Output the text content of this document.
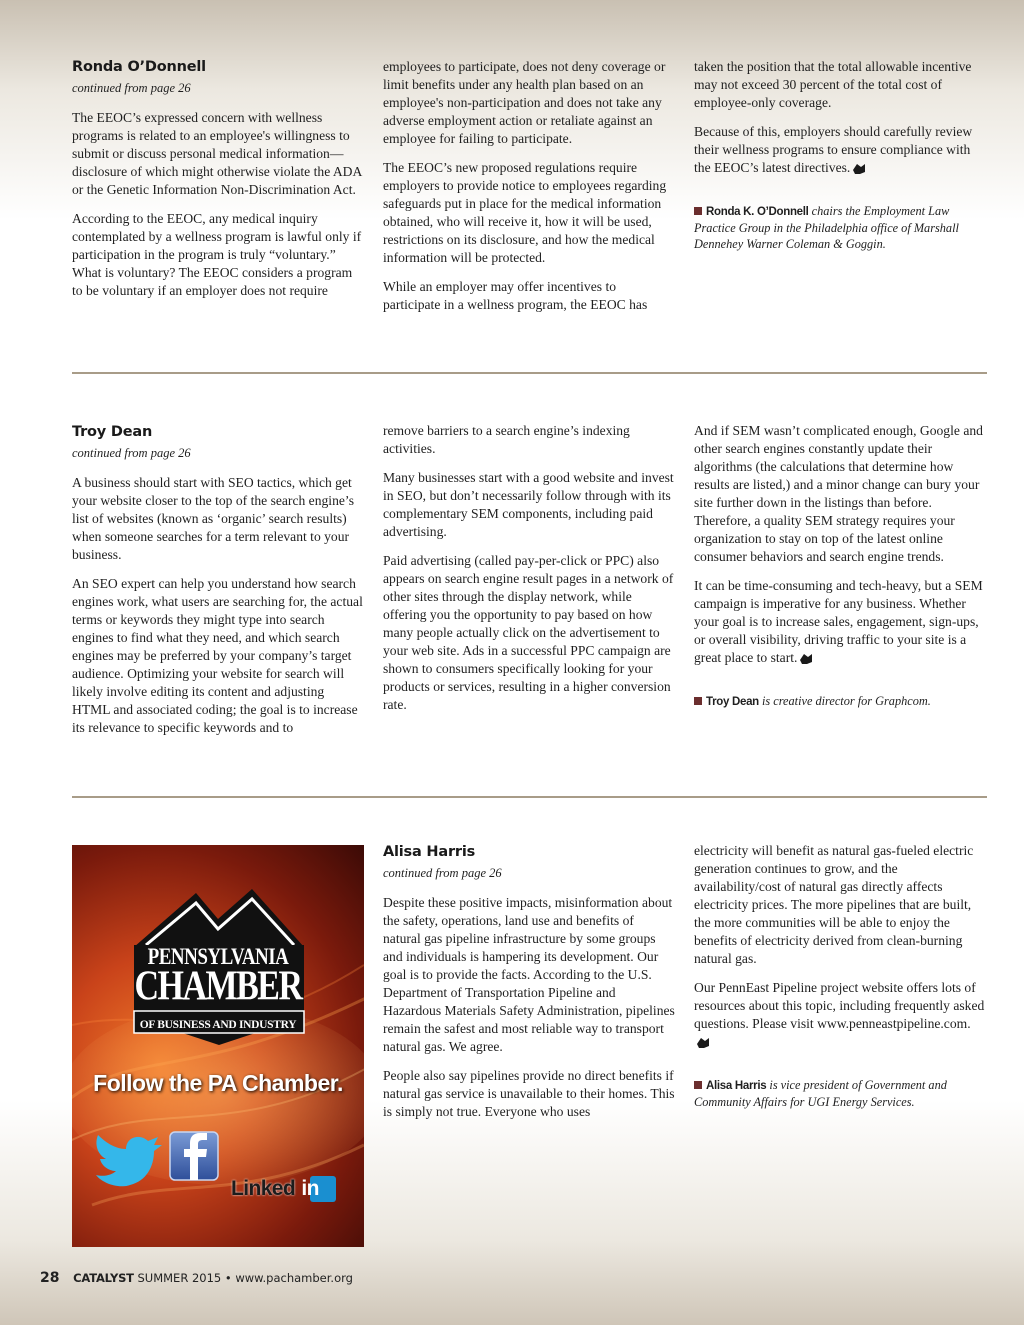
Ronda O’Donnell
continued from page 26

The EEOC’s expressed concern with wellness programs is related to an employee's willingness to submit or discuss personal medical information—disclosure of which might otherwise violate the ADA or the Genetic Information Non-Discrimination Act.

According to the EEOC, any medical inquiry contemplated by a wellness program is lawful only if participation in the program is truly “voluntary.” What is voluntary? The EEOC considers a program to be voluntary if an employer does not require

employees to participate, does not deny coverage or limit benefits under any health plan based on an employee's non-participation and does not take any adverse employment action or retaliate against an employee for failing to participate.

The EEOC’s new proposed regulations require employers to provide notice to employees regarding safeguards put in place for the medical information obtained, who will receive it, how it will be used, restrictions on its disclosure, and how the medical information will be protected.

While an employer may offer incentives to participate in a wellness program, the EEOC has

taken the position that the total allowable incentive may not exceed 30 percent of the total cost of employee-only coverage.

Because of this, employers should carefully review their wellness programs to ensure compliance with the EEOC’s latest directives.

Ronda K. O’Donnell chairs the Employment Law Practice Group in the Philadelphia office of Marshall Dennehey Warner Coleman & Goggin.
Troy Dean
continued from page 26

A business should start with SEO tactics, which get your website closer to the top of the search engine’s list of websites (known as ‘organic’ search results) when someone searches for a term relevant to your business.

An SEO expert can help you understand how search engines work, what users are searching for, the actual terms or keywords they might type into search engines to find what they need, and which search engines may be preferred by your company’s target audience. Optimizing your website for search will likely involve editing its content and adjusting HTML and associated coding; the goal is to increase its relevance to specific keywords and to

remove barriers to a search engine’s indexing activities.

Many businesses start with a good website and invest in SEO, but don’t necessarily follow through with its complementary SEM components, including paid advertising.

Paid advertising (called pay-per-click or PPC) also appears on search engine result pages in a network of other sites through the display network, while offering you the opportunity to pay based on how many people actually click on the advertisement to your web site. Ads in a successful PPC campaign are shown to consumers specifically looking for your products or services, resulting in a higher conversion rate.

And if SEM wasn’t complicated enough, Google and other search engines constantly update their algorithms (the calculations that determine how results are listed,) and a minor change can bury your site further down in the listings than before. Therefore, a quality SEM strategy requires your organization to stay on top of the latest online consumer behaviors and search engine trends.

It can be time-consuming and tech-heavy, but a SEM campaign is imperative for any business. Whether your goal is to increase sales, engagement, sign-ups, or overall visibility, driving traffic to your site is a great place to start.

Troy Dean is creative director for Graphcom.
PENNSYLVANIA
CHAMBER
OF BUSINESS AND INDUSTRY
Follow the PA Chamber.
Linked in
Alisa Harris
continued from page 26

Despite these positive impacts, misinformation about the safety, operations, land use and benefits of natural gas pipeline infrastructure by some groups and individuals is hampering its development. Our goal is to provide the facts. According to the U.S. Department of Transportation Pipeline and Hazardous Materials Safety Administration, pipelines remain the safest and most reliable way to transport natural gas. We agree.

People also say pipelines provide no direct benefits if natural gas service is unavailable to their homes. This is simply not true. Everyone who uses

electricity will benefit as natural gas-fueled electric generation continues to grow, and the availability/cost of natural gas directly affects electricity prices. The more pipelines that are built, the more communities will be able to enjoy the benefits of electricity derived from clean-burning natural gas.

Our PennEast Pipeline project website offers lots of resources about this topic, including frequently asked questions. Please visit www.penneastpipeline.com.

Alisa Harris is vice president of Government and Community Affairs for UGI Energy Services.
28 CATALYST SUMMER 2015 • www.pachamber.org
